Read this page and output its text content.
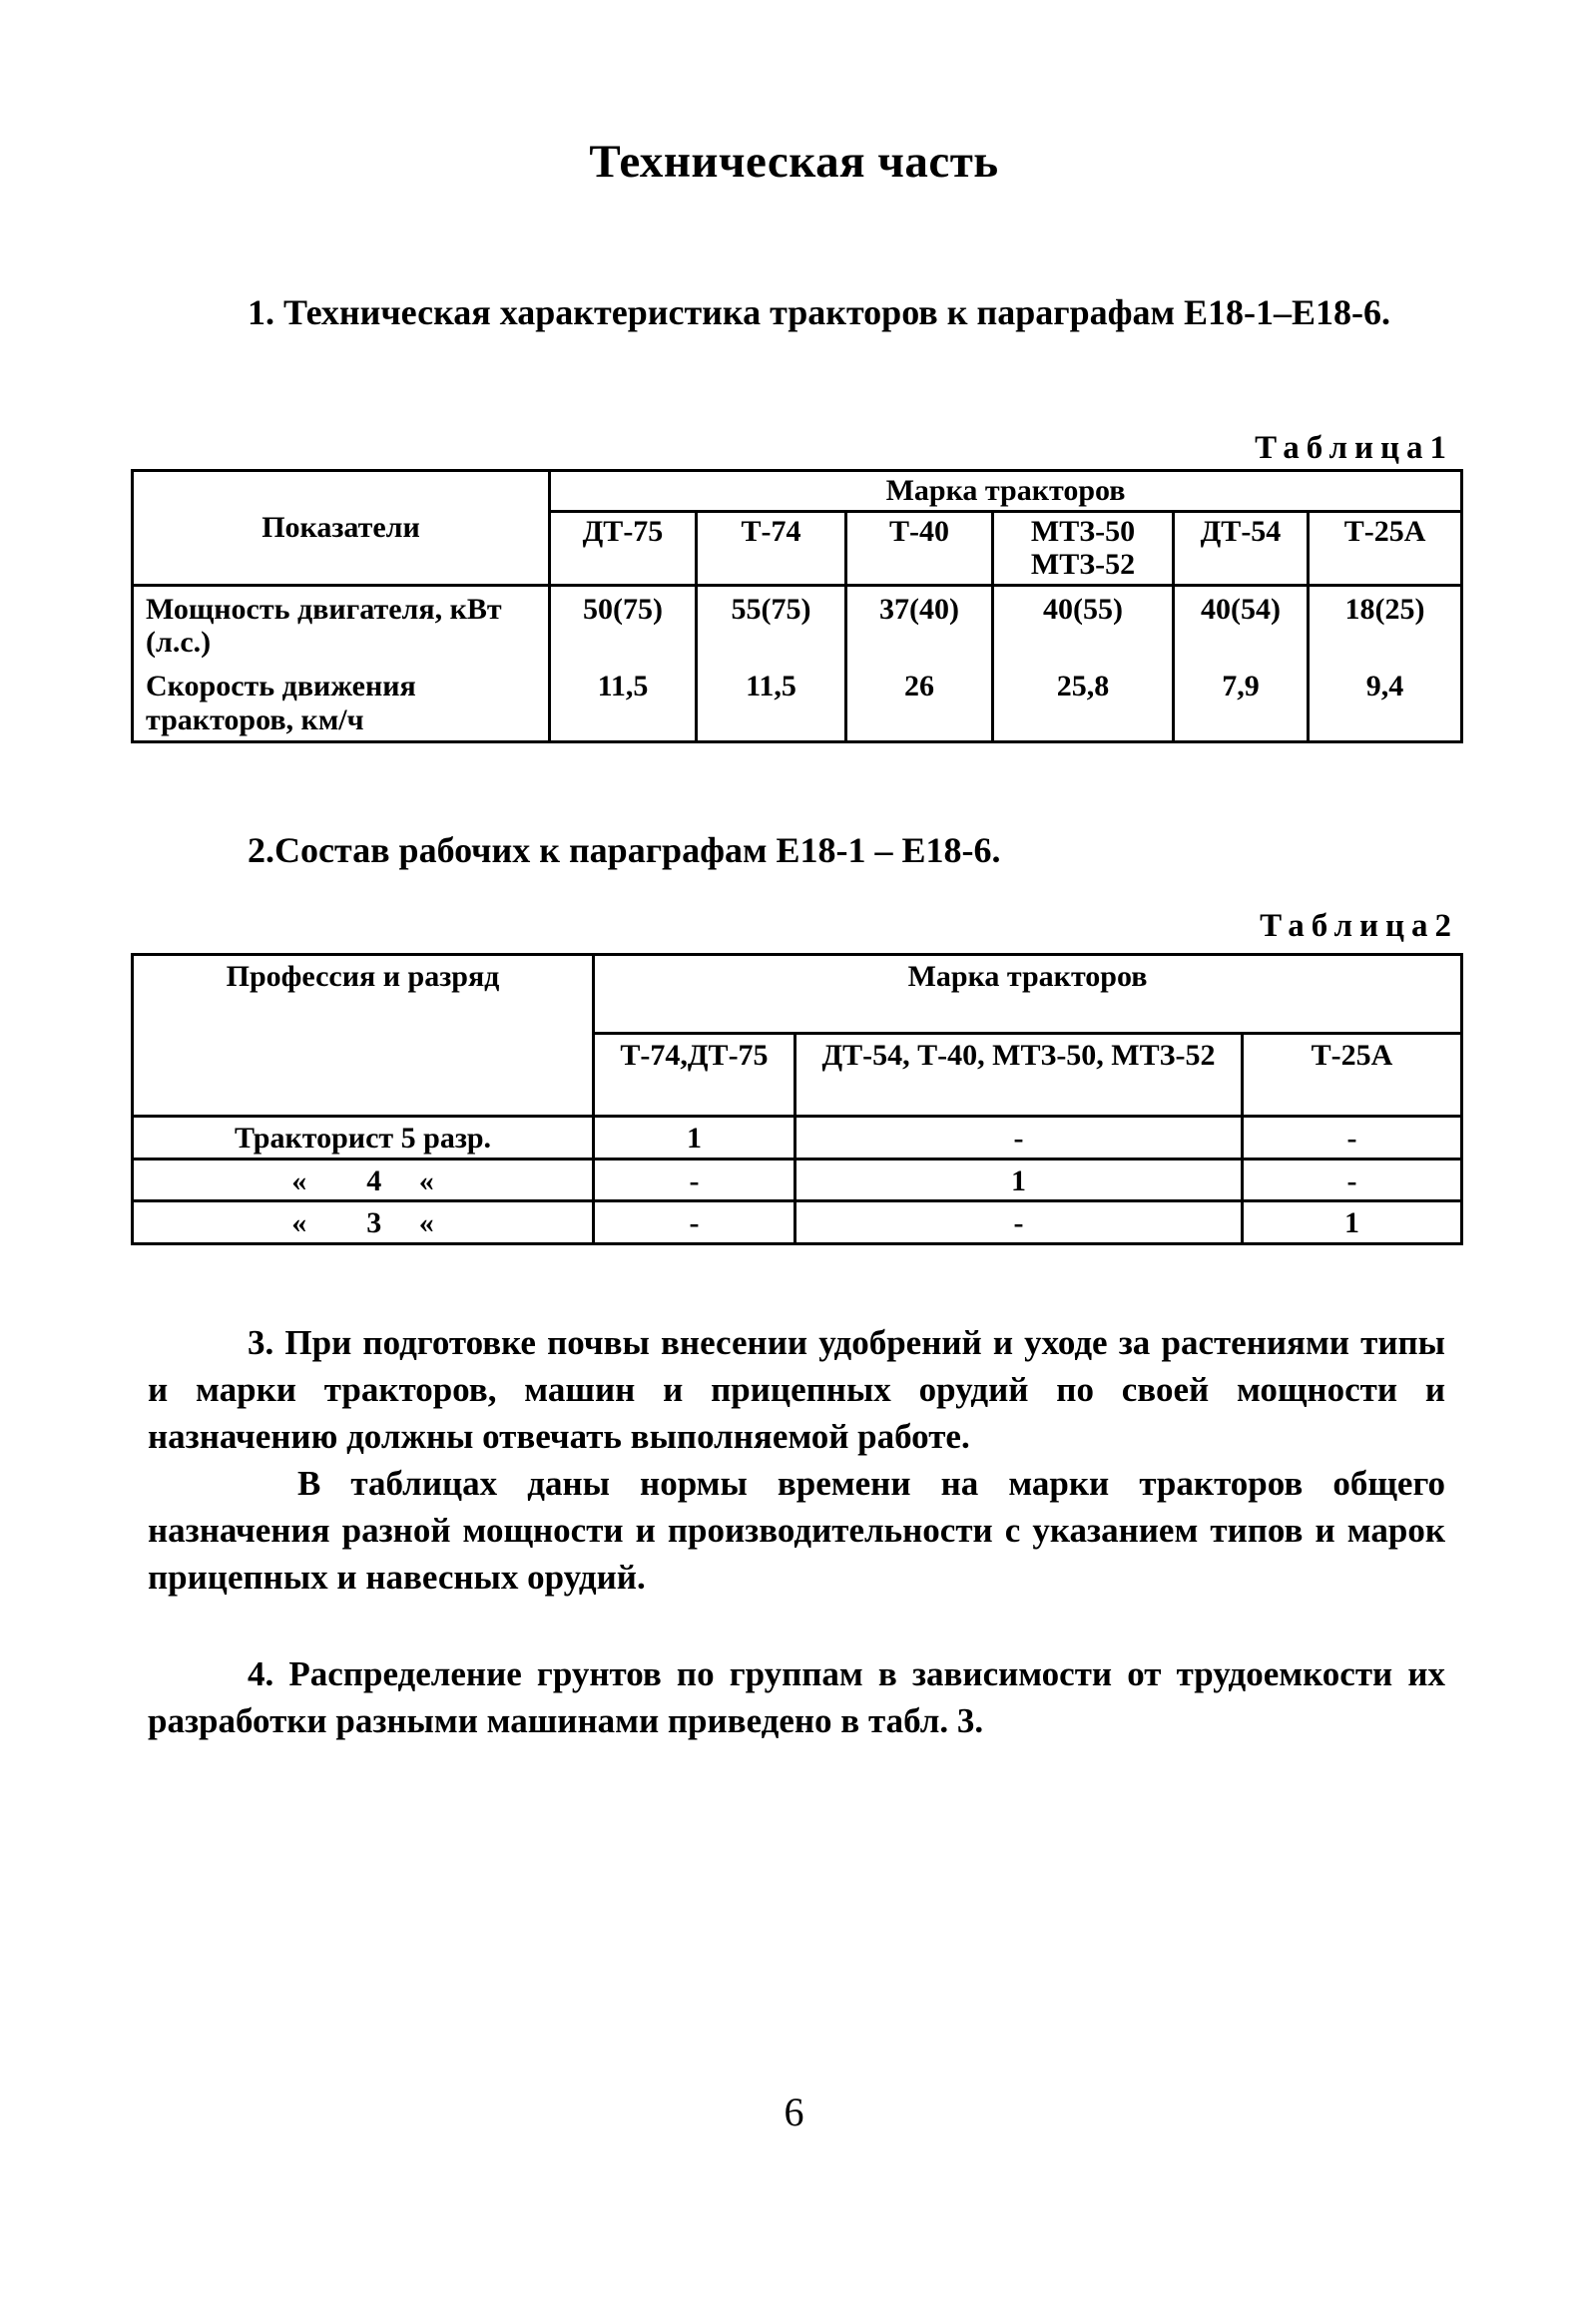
Техническая часть
1. Техническая характеристика тракторов к параграфам Е18-1–Е18-6.
Таблица1
Показатели	Марка тракторов					
	ДТ-75	Т-74	Т-40	МТЗ-50 МТЗ-52	ДТ-54	Т-25А
Мощность двигателя, кВт (л.с.)	50(75)	55(75)	37(40)	40(55)	40(54)	18(25)
Скорость движения тракторов, км/ч	11,5	11,5	26	25,8	7,9	9,4
2.Состав рабочих к параграфам Е18-1 – Е18-6.
Таблица2
Профессия и разряд	Марка тракторов		
	Т-74,ДТ-75	ДТ-54, Т-40, МТЗ-50, МТЗ-52	Т-25А
Тракторист 5 разр.	1	-	-
«        4     «	-	1	-
«        3     «	-	-	1
3. При подготовке почвы внесении удобрений и уходе за растениями типы и марки тракторов, машин и прицепных орудий по своей мощности и назначению должны отвечать выполняемой работе.
В таблицах даны нормы времени на марки тракторов общего назначения разной мощности и производительности с указанием типов и марок прицепных и навесных орудий.
4. Распределение грунтов по группам в зависимости от трудоемкости их разработки разными машинами приведено в табл. 3.
6
